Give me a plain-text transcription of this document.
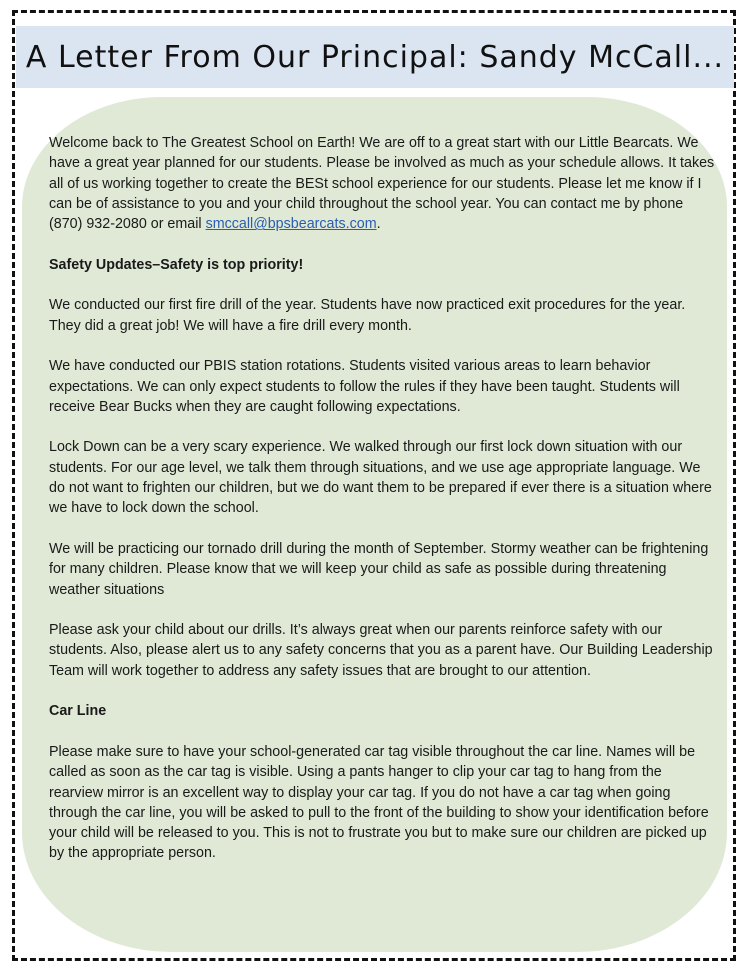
A Letter From Our Principal: Sandy McCall...

Welcome back to The Greatest School on Earth! We are off to a great start with our Little Bearcats. We have a great year planned for our students. Please be involved as much as your schedule allows. It takes all of us working together to create the BESt school experience for our students. Please let me know if I can be of assistance to you and your child throughout the school year. You can contact me by phone (870) 932-2080 or email smccall@bpsbearcats.com.

Safety Updates–Safety is top priority!

We conducted our first fire drill of the year. Students have now practiced exit procedures for the year. They did a great job! We will have a fire drill every month.

We have conducted our PBIS station rotations. Students visited various areas to learn behavior expectations. We can only expect students to follow the rules if they have been taught. Students will receive Bear Bucks when they are caught following expectations.

Lock Down can be a very scary experience. We walked through our first lock down situation with our students. For our age level, we talk them through situations, and we use age appropriate language. We do not want to frighten our children, but we do want them to be prepared if ever there is a situation where we have to lock down the school.

We will be practicing our tornado drill during the month of September. Stormy weather can be frightening for many children. Please know that we will keep your child as safe as possible during threatening weather situations

Please ask your child about our drills. It’s always great when our parents reinforce safety with our students. Also, please alert us to any safety concerns that you as a parent have. Our Building Leadership Team will work together to address any safety issues that are brought to our attention.

Car Line

Please make sure to have your school-generated car tag visible throughout the car line. Names will be called as soon as the car tag is visible. Using a pants hanger to clip your car tag to hang from the rearview mirror is an excellent way to display your car tag. If you do not have a car tag when going through the car line, you will be asked to pull to the front of the building to show your identification before your child will be released to you. This is not to frustrate you but to make sure our children are picked up by the appropriate person.
